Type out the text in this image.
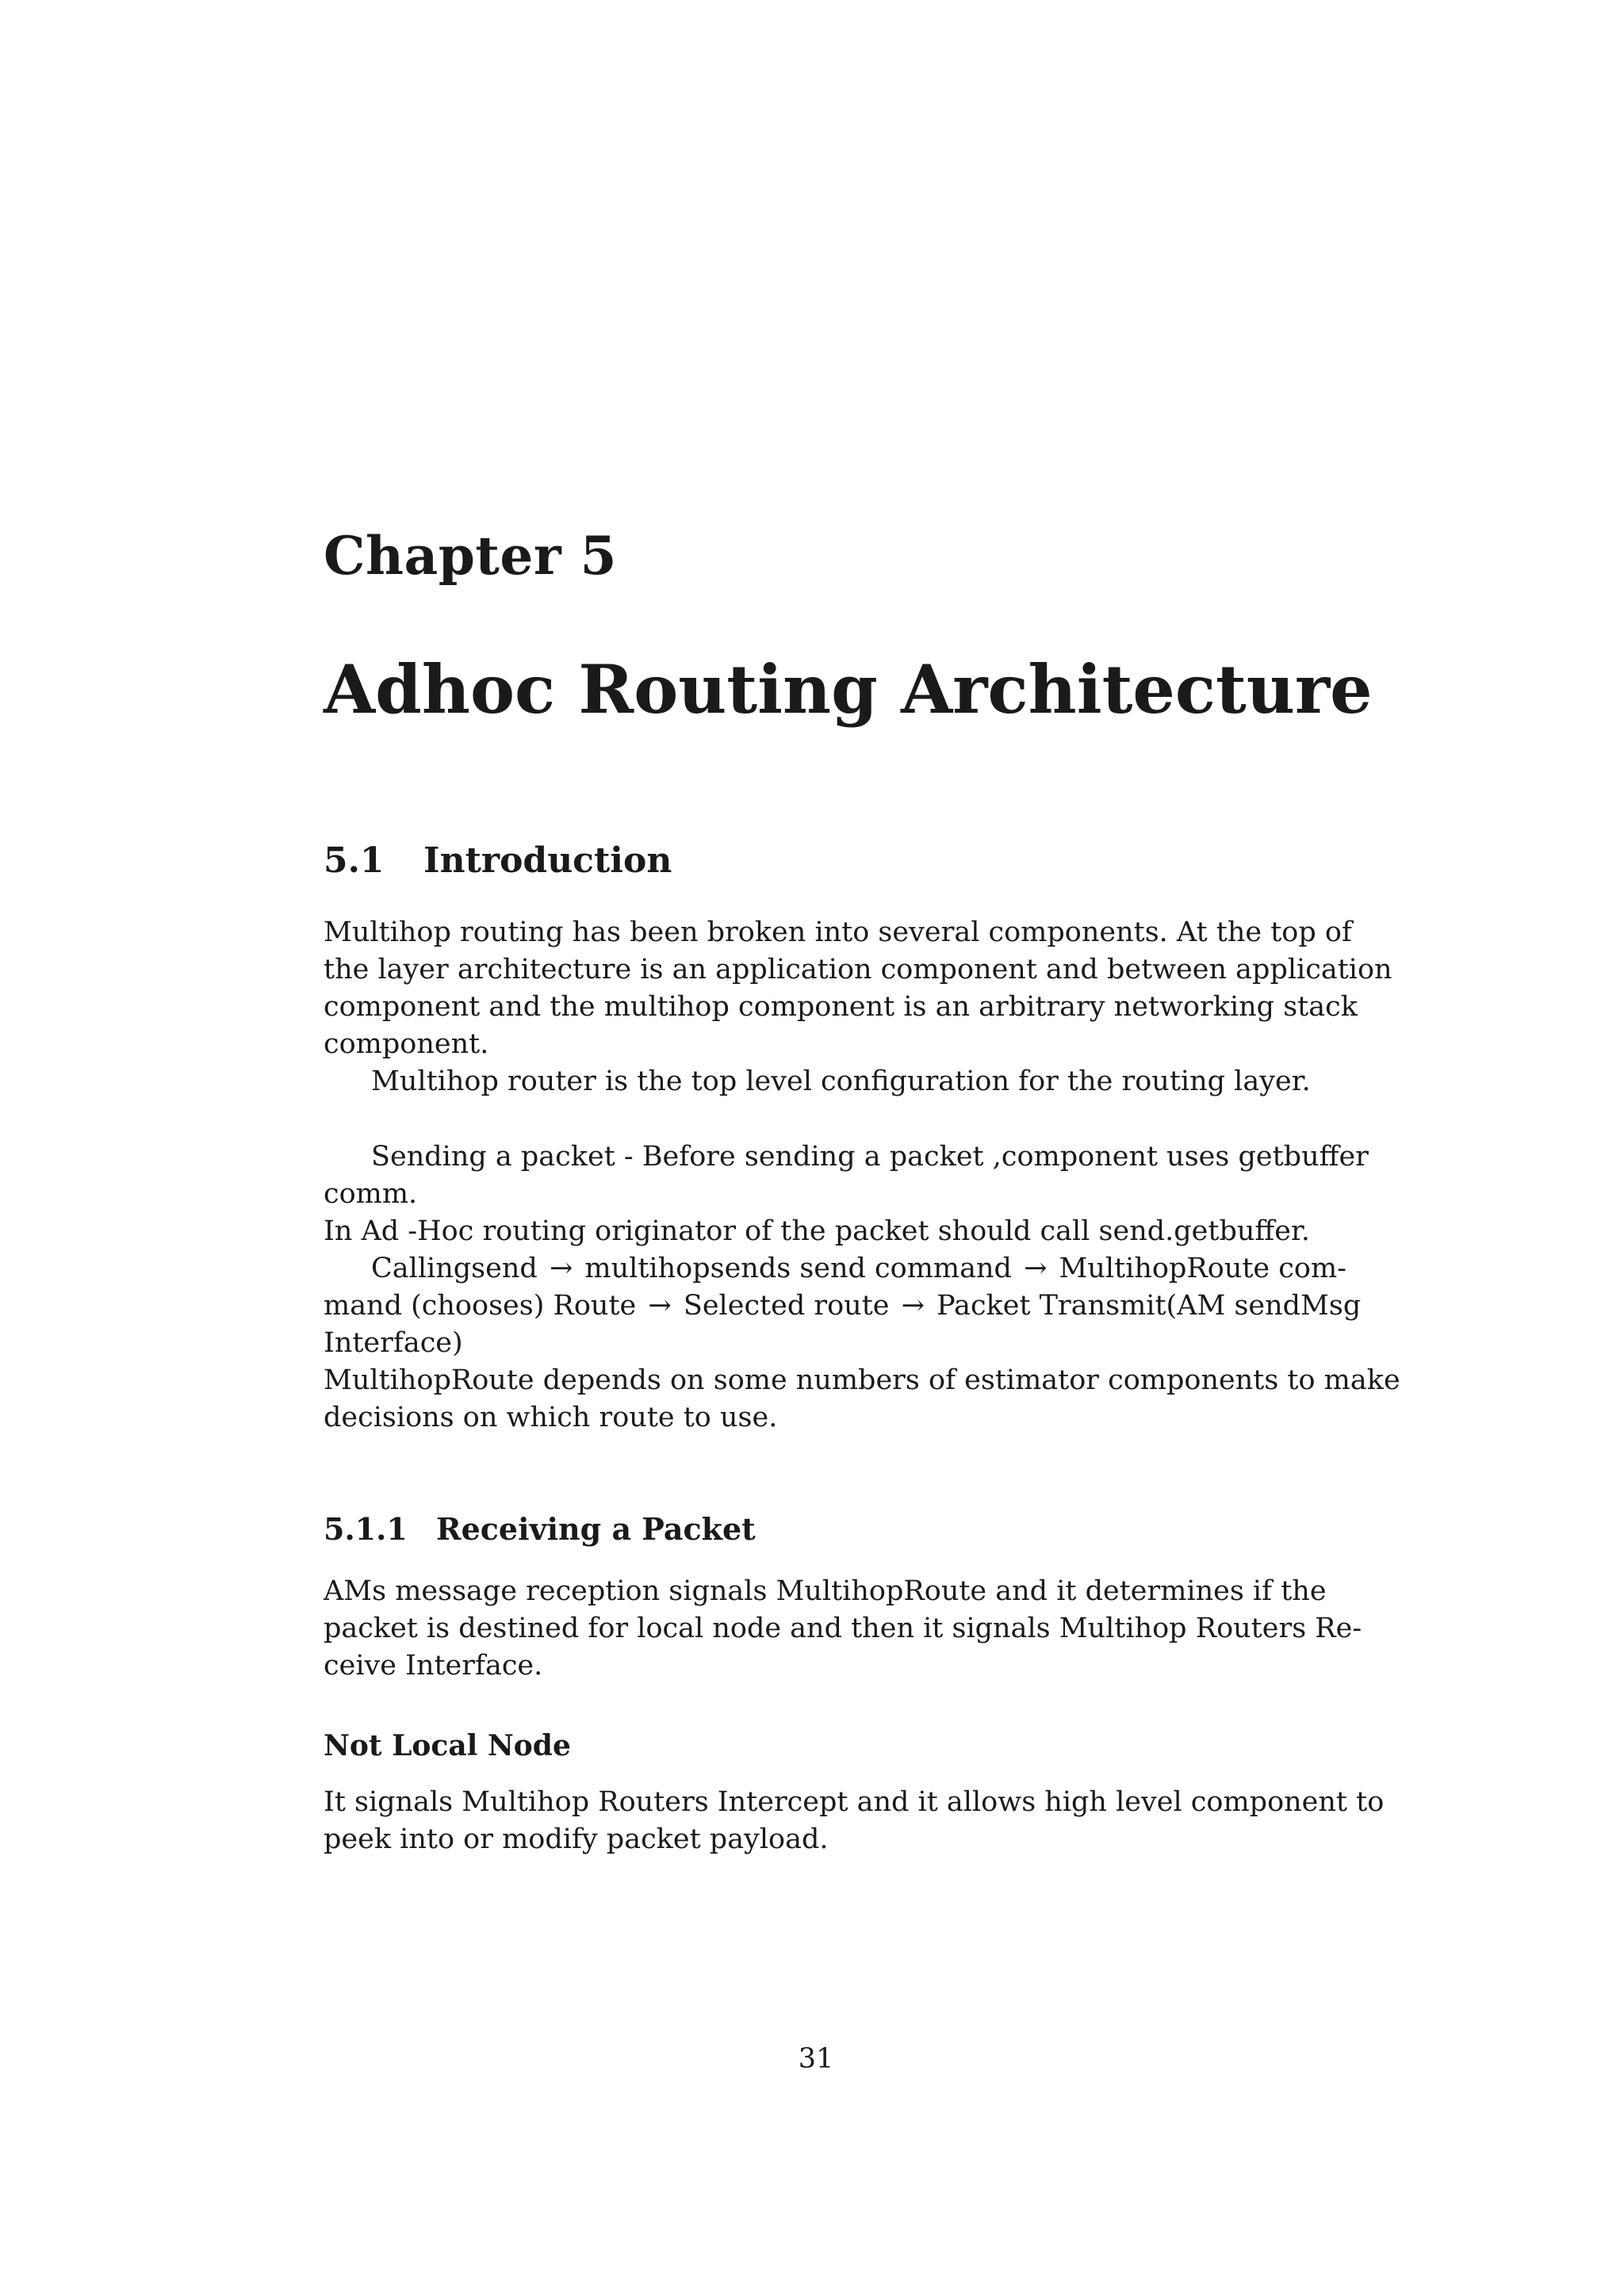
Chapter 5
Adhoc Routing Architecture
5.1 Introduction
Multihop routing has been broken into several components. At the top of
the layer architecture is an application component and between application
component and the multihop component is an arbitrary networking stack
component.
Multihop router is the top level configuration for the routing layer.
Sending a packet - Before sending a packet ,component uses getbuffer
comm.
In Ad -Hoc routing originator of the packet should call send.getbuffer.
Callingsend → multihopsends send command → MultihopRoute com-
mand (chooses) Route → Selected route → Packet Transmit(AM sendMsg
Interface)
MultihopRoute depends on some numbers of estimator components to make
decisions on which route to use.
5.1.1 Receiving a Packet
AMs message reception signals MultihopRoute and it determines if the
packet is destined for local node and then it signals Multihop Routers Re-
ceive Interface.
Not Local Node
It signals Multihop Routers Intercept and it allows high level component to
peek into or modify packet payload.
31
